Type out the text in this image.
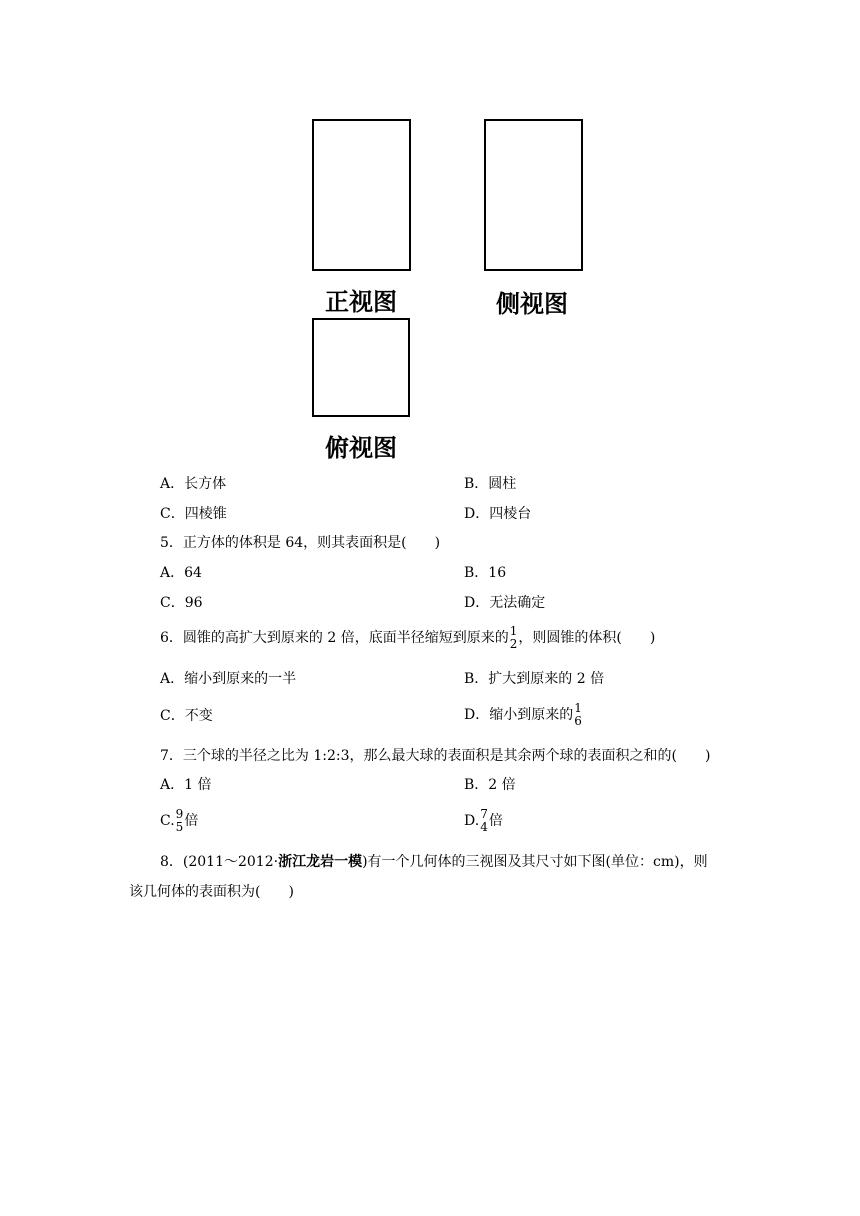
正视图	侧视图
俯视图
A．长方体	B．圆柱
C．四棱锥	D．四棱台
5．正方体的体积是 64，则其表面积是(　　)
A．64	B．16
C．96	D．无法确定
6．圆锥的高扩大到原来的 2 倍，底面半径缩短到原来的 1
2 ，则圆锥的体积(　　)
A．缩小到原来的一半	B．扩大到原来的 2 倍
C．不变	D．缩小到原来的 1
6
7．三个球的半径之比为 1:2:3，那么最大球的表面积是其余两个球的表面积之和的(　　)
A．1 倍	B．2 倍
C. 9
5 倍	D. 7
4 倍
8．(2011～2012·浙江龙岩一模)有一个几何体的三视图及其尺寸如下图(单位：cm)，则
该几何体的表面积为(　　)
